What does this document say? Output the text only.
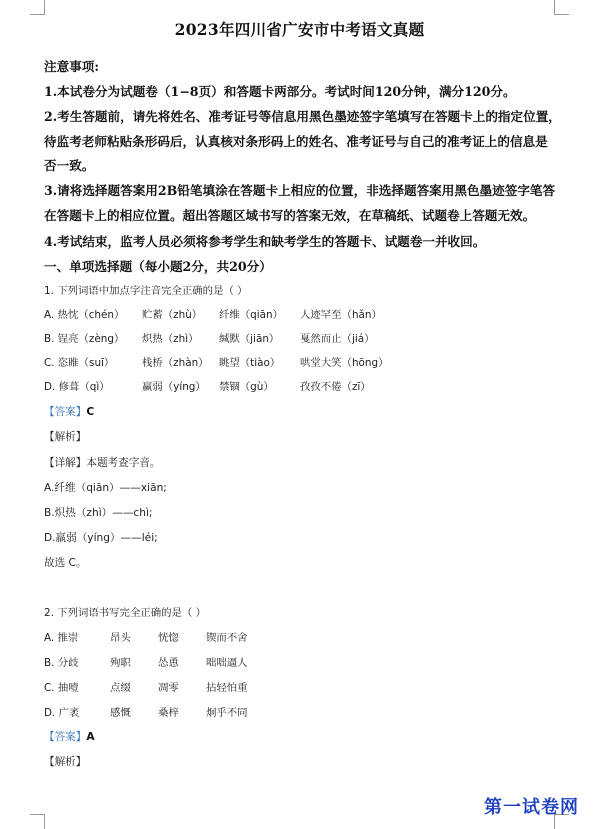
2023年四川省广安市中考语文真题
注意事项:
1.本试卷分为试题卷（1−8页）和答题卡两部分。考试时间120分钟，满分120分。
2.考生答题前，请先将姓名、准考证号等信息用黑色墨迹签字笔填写在答题卡上的指定位置，
待监考老师粘贴条形码后，认真核对条形码上的姓名、准考证号与自己的准考证上的信息是
否一致。
3.请将选择题答案用2B铅笔填涂在答题卡上相应的位置，非选择题答案用黑色墨迹签字笔答
在答题卡上的相应位置。超出答题区域书写的答案无效，在草稿纸、试题卷上答题无效。
4.考试结束，监考人员必须将参考学生和缺考学生的答题卡、试题卷一并收回。
一、单项选择题（每小题2分，共20分）
1. 下列词语中加点字注音完全正确的是（ ）
A. 热忱（chén） 贮蓄（zhù） 纤维（qiān） 人迹罕至（hǎn）
B. 锃亮（zèng） 炽热（zhì） 缄默（jiān） 戛然而止（jiá）
C. 恣睢（suī）	栈桥（zhàn） 眺望（tiào） 哄堂大笑（hōng）
D. 修葺（qì）	赢弱（yíng） 禁锢（gù）	孜孜不倦（zī）
【答案】C
【解析】
【详解】本题考查字音。
A.纤维（qiān）——xiān;
B.炽热（zhì）——chì;
D.羸弱（yíng）——léi;
故选 C。
2. 下列词语书写完全正确的是（ ）
A. 推崇	昂头	恍惚	锲而不舍
B. 分歧	殉职	怂恿	咄咄逼人
C. 抽噎	点缀	凋零	拈轻怕重
D. 广袤	感慨	桑梓	炯乎不同
【答案】A
【解析】
第一试卷网
